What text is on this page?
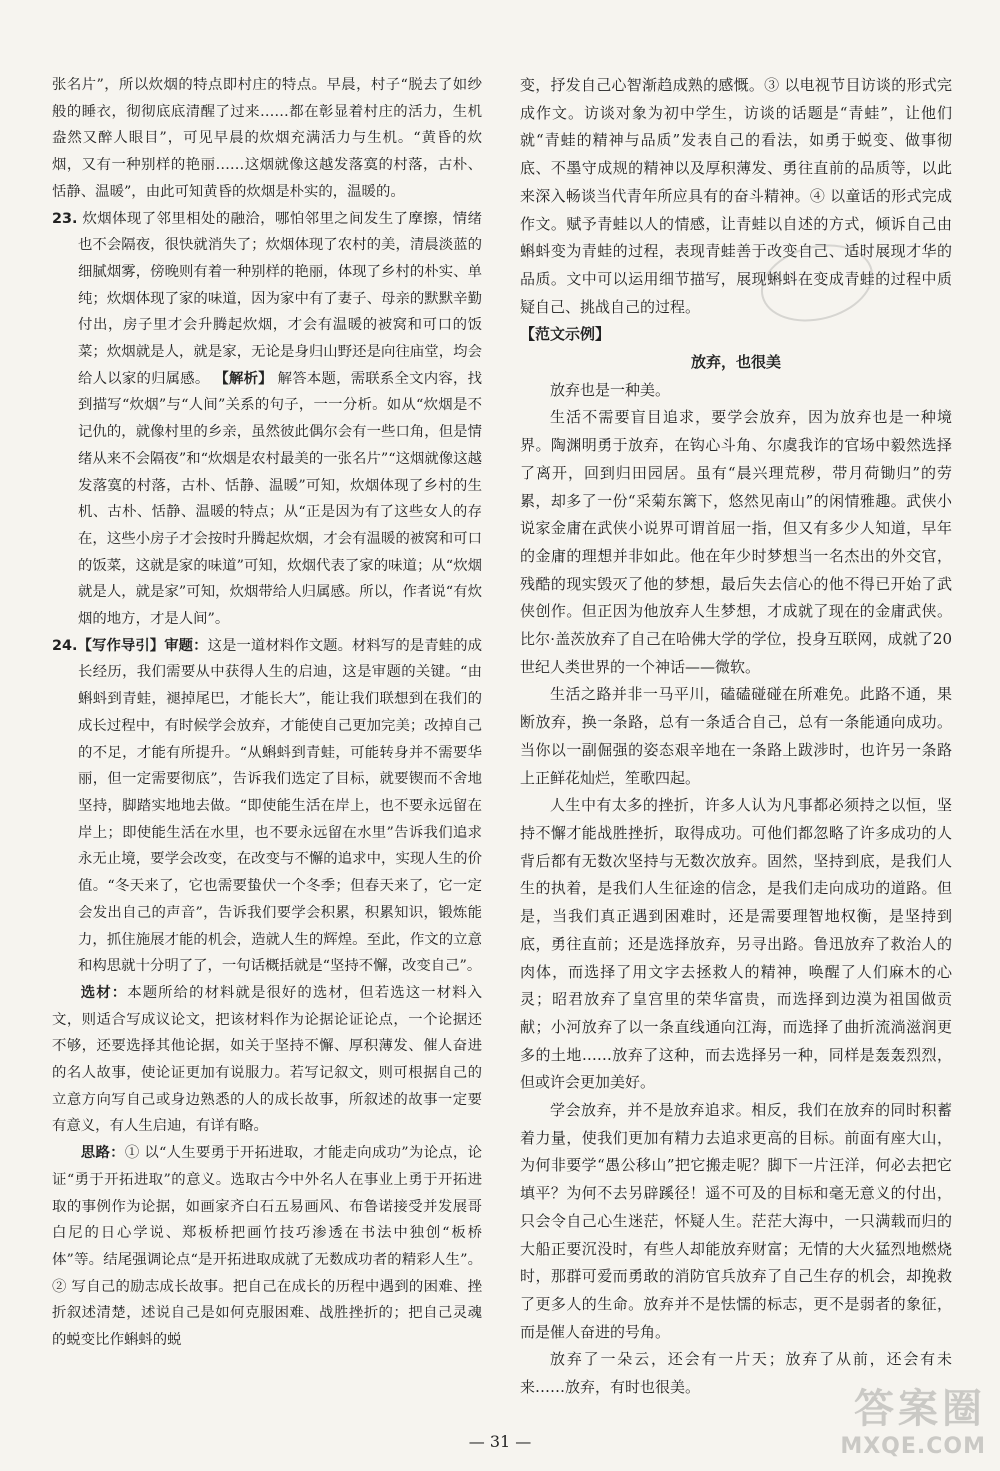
张名片”，所以炊烟的特点即村庄的特点。早晨，村子“脱去了如纱般的睡衣，彻彻底底清醒了过来……都在彰显着村庄的活力，生机盎然又醉人眼目”，可见早晨的炊烟充满活力与生机。“黄昏的炊烟，又有一种别样的艳丽……这烟就像这越发落寞的村落，古朴、恬静、温暖”，由此可知黄昏的炊烟是朴实的，温暖的。

23. 炊烟体现了邻里相处的融洽，哪怕邻里之间发生了摩擦，情绪也不会隔夜，很快就消失了；炊烟体现了农村的美，清晨淡蓝的细腻烟雾，傍晚则有着一种别样的艳丽，体现了乡村的朴实、单纯；炊烟体现了家的味道，因为家中有了妻子、母亲的默默辛勤付出，房子里才会升腾起炊烟，才会有温暖的被窝和可口的饭菜；炊烟就是人，就是家，无论是身归山野还是向往庙堂，均会给人以家的归属感。 【解析】 解答本题，需联系全文内容，找到描写“炊烟”与“人间”关系的句子，一一分析。如从“炊烟是不记仇的，就像村里的乡亲，虽然彼此偶尔会有一些口角，但是情绪从来不会隔夜”和“炊烟是农村最美的一张名片”“这烟就像这越发落寞的村落，古朴、恬静、温暖”可知，炊烟体现了乡村的生机、古朴、恬静、温暖的特点；从“正是因为有了这些女人的存在，这些小房子才会按时升腾起炊烟，才会有温暖的被窝和可口的饭菜，这就是家的味道”可知，炊烟代表了家的味道；从“炊烟就是人，就是家”可知，炊烟带给人归属感。所以，作者说“有炊烟的地方，才是人间”。

24.【写作导引】审题：这是一道材料作文题。材料写的是青蛙的成长经历，我们需要从中获得人生的启迪，这是审题的关键。“由蝌蚪到青蛙，褪掉尾巴，才能长大”，能让我们联想到在我们的成长过程中，有时候学会放弃，才能使自己更加完美；改掉自己的不足，才能有所提升。“从蝌蚪到青蛙，可能转身并不需要华丽，但一定需要彻底”，告诉我们选定了目标，就要锲而不舍地坚持，脚踏实地地去做。“即使能生活在岸上，也不要永远留在岸上；即使能生活在水里，也不要永远留在水里”告诉我们追求永无止境，要学会改变，在改变与不懈的追求中，实现人生的价值。“冬天来了，它也需要蛰伏一个冬季；但春天来了，它一定会发出自己的声音”，告诉我们要学会积累，积累知识，锻炼能力，抓住施展才能的机会，造就人生的辉煌。至此，作文的立意和构思就十分明了了，一句话概括就是“坚持不懈，改变自己”。

选材：本题所给的材料就是很好的选材，但若选这一材料入文，则适合写成议论文，把该材料作为论据论证论点，一个论据还不够，还要选择其他论据，如关于坚持不懈、厚积薄发、催人奋进的名人故事，使论证更加有说服力。若写记叙文，则可根据自己的立意方向写自己或身边熟悉的人的成长故事，所叙述的故事一定要有意义，有人生启迪，有详有略。

思路：① 以“人生要勇于开拓进取，才能走向成功”为论点，论证“勇于开拓进取”的意义。选取古今中外名人在事业上勇于开拓进取的事例作为论据，如画家齐白石五易画风、布鲁诺接受并发展哥白尼的日心学说、郑板桥把画竹技巧渗透在书法中独创“板桥体”等。结尾强调论点“是开拓进取成就了无数成功者的精彩人生”。② 写自己的励志成长故事。把自己在成长的历程中遇到的困难、挫折叙述清楚，述说自己是如何克服困难、战胜挫折的；把自己灵魂的蜕变比作蝌蚪的蜕

变，抒发自己心智渐趋成熟的感慨。③ 以电视节目访谈的形式完成作文。访谈对象为初中学生，访谈的话题是“青蛙”，让他们就“青蛙的精神与品质”发表自己的看法，如勇于蜕变、做事彻底、不墨守成规的精神以及厚积薄发、勇往直前的品质等，以此来深入畅谈当代青年所应具有的奋斗精神。④ 以童话的形式完成作文。赋予青蛙以人的情感，让青蛙以自述的方式，倾诉自己由蝌蚪变为青蛙的过程，表现青蛙善于改变自己、适时展现才华的品质。文中可以运用细节描写，展现蝌蚪在变成青蛙的过程中质疑自己、挑战自己的过程。

【范文示例】

放弃，也很美

放弃也是一种美。

生活不需要盲目追求，要学会放弃，因为放弃也是一种境界。陶渊明勇于放弃，在钩心斗角、尔虞我诈的官场中毅然选择了离开，回到归田园居。虽有“晨兴理荒秽，带月荷锄归”的劳累，却多了一份“采菊东篱下，悠然见南山”的闲情雅趣。武侠小说家金庸在武侠小说界可谓首屈一指，但又有多少人知道，早年的金庸的理想并非如此。他在年少时梦想当一名杰出的外交官，残酷的现实毁灭了他的梦想，最后失去信心的他不得已开始了武侠创作。但正因为他放弃人生梦想，才成就了现在的金庸武侠。比尔·盖茨放弃了自己在哈佛大学的学位，投身互联网，成就了20世纪人类世界的一个神话——微软。

生活之路并非一马平川，磕磕碰碰在所难免。此路不通，果断放弃，换一条路，总有一条适合自己，总有一条能通向成功。当你以一副倔强的姿态艰辛地在一条路上跋涉时，也许另一条路上正鲜花灿烂，笙歌四起。

人生中有太多的挫折，许多人认为凡事都必须持之以恒，坚持不懈才能战胜挫折，取得成功。可他们都忽略了许多成功的人背后都有无数次坚持与无数次放弃。固然，坚持到底，是我们人生的执着，是我们人生征途的信念，是我们走向成功的道路。但是，当我们真正遇到困难时，还是需要理智地权衡，是坚持到底，勇往直前；还是选择放弃，另寻出路。鲁迅放弃了救治人的肉体，而选择了用文字去拯救人的精神，唤醒了人们麻木的心灵；昭君放弃了皇宫里的荣华富贵，而选择到边漠为祖国做贡献；小河放弃了以一条直线通向江海，而选择了曲折流淌滋润更多的土地……放弃了这种，而去选择另一种，同样是轰轰烈烈，但或许会更加美好。

学会放弃，并不是放弃追求。相反，我们在放弃的同时积蓄着力量，使我们更加有精力去追求更高的目标。前面有座大山，为何非要学“愚公移山”把它搬走呢？脚下一片汪洋，何必去把它填平？为何不去另辟蹊径！遥不可及的目标和毫无意义的付出，只会令自己心生迷茫，怀疑人生。茫茫大海中，一只满载而归的大船正要沉没时，有些人却能放弃财富；无情的大火猛烈地燃烧时，那群可爱而勇敢的消防官兵放弃了自己生存的机会，却挽救了更多人的生命。放弃并不是怯懦的标志，更不是弱者的象征，而是催人奋进的号角。

放弃了一朵云，还会有一片天；放弃了从前，还会有未来……放弃，有时也很美。

— 31 —
答案圈
MXQE.COM
